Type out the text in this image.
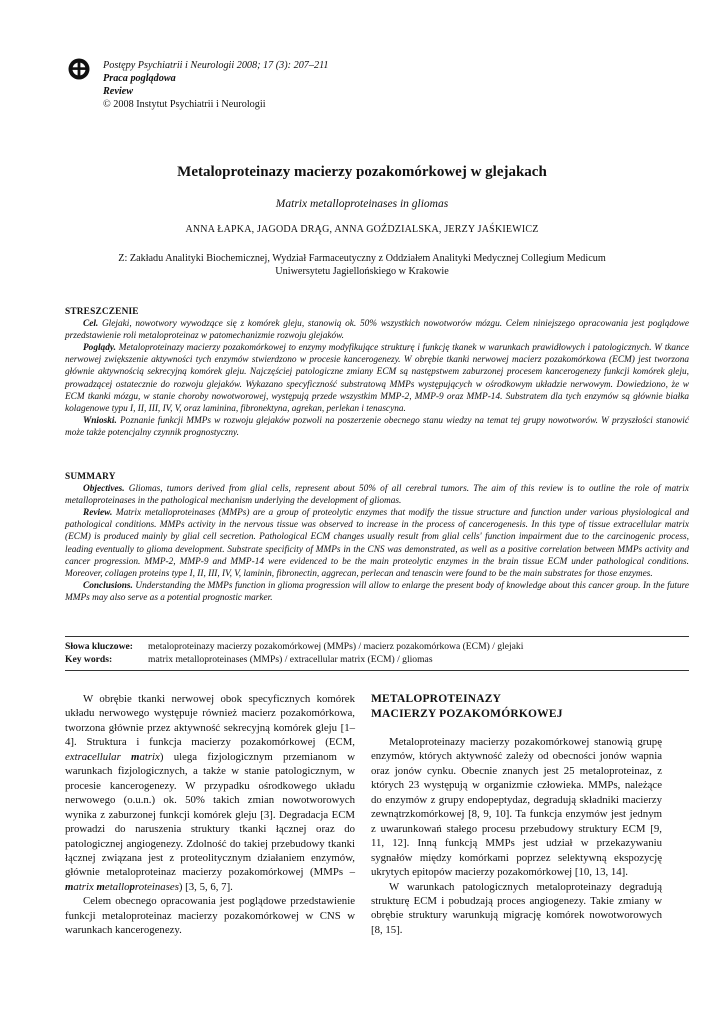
Postępy Psychiatrii i Neurologii 2008; 17 (3): 207–211
Praca poglądowa
Review
© 2008 Instytut Psychiatrii i Neurologii
Metaloproteinazy macierzy pozakomórkowej w glejakach
Matrix metalloproteinases in gliomas
ANNA ŁAPKA, JAGODA DRĄG, ANNA GOŹDZIALSKA, JERZY JAŚKIEWICZ
Z: Zakładu Analityki Biochemicznej, Wydział Farmaceutyczny z Oddziałem Analityki Medycznej Collegium Medicum
Uniwersytetu Jagiellońskiego w Krakowie
STRESZCZENIE

Cel. Glejaki, nowotwory wywodzące się z komórek gleju, stanowią ok. 50% wszystkich nowotworów mózgu. Celem niniejszego opracowania jest poglądowe przedstawienie roli metaloproteinaz w patomechanizmie rozwoju glejaków.

Poglądy. Metaloproteinazy macierzy pozakomórkowej to enzymy modyfikujące strukturę i funkcję tkanek w warunkach prawidłowych i patologicznych. W tkance nerwowej zwiększenie aktywności tych enzymów stwierdzono w procesie kancerogenezy. W obrębie tkanki nerwowej macierz pozakomórkowa (ECM) jest tworzona głównie aktywnością sekrecyjną komórek gleju. Najczęściej patologiczne zmiany ECM są następstwem zaburzonej procesem kancerogenezy funkcji komórek gleju, prowadzącej ostatecznie do rozwoju glejaków. Wykazano specyficzność substratową MMPs występujących w ośrodkowym układzie nerwowym. Dowiedziono, że w ECM tkanki mózgu, w stanie choroby nowotworowej, występują przede wszystkim MMP-2, MMP-9 oraz MMP-14. Substratem dla tych enzymów są głównie białka kolagenowe typu I, II, III, IV, V, oraz laminina, fibronektyna, agrekan, perlekan i tenascyna.

Wnioski. Poznanie funkcji MMPs w rozwoju glejaków pozwoli na poszerzenie obecnego stanu wiedzy na temat tej grupy nowotworów. W przyszłości stanowić może także potencjalny czynnik prognostyczny.

SUMMARY

Objectives. Gliomas, tumors derived from glial cells, represent about 50% of all cerebral tumors. The aim of this review is to outline the role of matrix metalloproteinases in the pathological mechanism underlying the development of gliomas.

Review. Matrix metalloproteinases (MMPs) are a group of proteolytic enzymes that modify the tissue structure and function under various physiological and pathological conditions. MMPs activity in the nervous tissue was observed to increase in the process of cancerogenesis. In this type of tissue extracellular matrix (ECM) is produced mainly by glial cell secretion. Pathological ECM changes usually result from glial cells' function impairment due to the carcinogenic process, leading eventually to glioma development. Substrate specificity of MMPs in the CNS was demonstrated, as well as a positive correlation between MMPs activity and cancer progression. MMP-2, MMP-9 and MMP-14 were evidenced to be the main proteolytic enzymes in the brain tissue ECM under pathological conditions. Moreover, collagen proteins type I, II, III, IV, V, laminin, fibronectin, aggrecan, perlecan and tenascin were found to be the main substrates for those enzymes.

Conclusions. Understanding the MMPs function in glioma progression will allow to enlarge the present body of knowledge about this cancer group. In the future MMPs may also serve as a potential prognostic marker.

Słowa kluczowe: metaloproteinazy macierzy pozakomórkowej (MMPs) / macierz pozakomórkowa (ECM) / glejaki
Key words:	matrix metalloproteinases (MMPs) / extracellular matrix (ECM) / gliomas

W obrębie tkanki nerwowej obok specyficznych komórek układu nerwowego występuje również macierz pozakomórkowa, tworzona głównie przez aktywność sekrecyjną komórek gleju [1–4]. Struktura i funkcja macierzy pozakomórkowej (ECM, extracellular matrix) ulega fizjologicznym przemianom w warunkach fizjologicznych, a także w stanie patologicznym, w procesie kancerogenezy. W przypadku ośrodkowego układu nerwowego (o.u.n.) ok. 50% takich zmian nowotworowych wynika z zaburzonej funkcji komórek gleju [3]. Degradacja ECM prowadzi do naruszenia struktury tkanki łącznej oraz do patologicznej angiogenezy. Zdolność do takiej przebudowy tkanki łącznej związana jest z proteolitycznym działaniem enzymów, głównie metaloproteinaz macierzy pozakomórkowej (MMPs – matrix metalloproteinases) [3, 5, 6, 7].

Celem obecnego opracowania jest poglądowe przedstawienie funkcji metaloproteinaz macierzy pozakomórkowej w CNS w warunkach kancerogenezy.

METALOPROTEINAZY
MACIERZY POZAKOMÓRKOWEJ

Metaloproteinazy macierzy pozakomórkowej stanowią grupę enzymów, których aktywność zależy od obecności jonów wapnia oraz jonów cynku. Obecnie znanych jest 25 metaloproteinaz, z których 23 występują w organizmie człowieka. MMPs, należące do enzymów z grupy endopeptydaz, degradują składniki macierzy zewnątrzkomórkowej [8, 9, 10]. Ta funkcja enzymów jest jednym z uwarunkowań stałego procesu przebudowy struktury ECM [9, 11, 12]. Inną funkcją MMPs jest udział w przekazywaniu sygnałów między komórkami poprzez selektywną ekspozycję ukrytych epitopów macierzy pozakomórkowej [10, 13, 14].

W warunkach patologicznych metaloproteinazy degradują strukturę ECM i pobudzają proces angiogenezy. Takie zmiany w obrębie struktury warunkują migrację komórek nowotworowych [8, 15].
